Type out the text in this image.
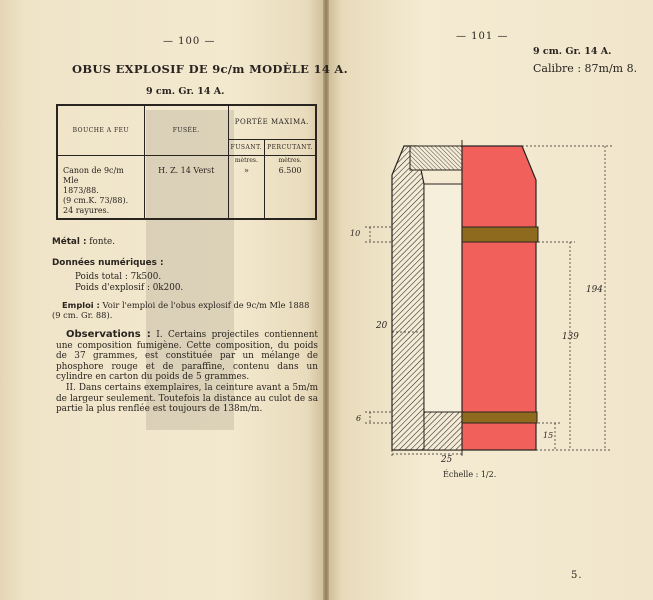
— 100 —
OBUS EXPLOSIF DE 9c/m MODÈLE 14 A.
9 cm. Gr. 14 A.
BOUCHE A FEU	FUSÉE.	PORTÉE MAXIMA.	
		FUSANT.	PERCUTANT.
		mètres.	mètres.

Canon de 9c/m Mle
1873/88.
(9 cm.K. 73/88).
24 rayures.	H. Z. 14 Verst	»	6.500
Métal : fonte.
Données numériques :
Poids total : 7k500.
Poids d'explosif : 0k200.
Emploi : Voir l'emploi de l'obus explosif de 9c/m Mle 1888 (9 cm. Gr. 88).
Observations : I. Certains projectiles contiennent une composition fumigène. Cette composition, du poids de 37 grammes, est constituée par un mélange de phosphore rouge et de paraffine, contenu dans un cylindre en carton du poids de 5 grammes.
II. Dans certains exemplaires, la ceinture avant a 5m/m de largeur seulement. Toutefois la distance au culot de sa partie la plus renflée est toujours de 138m/m.
— 101 —
9 cm. Gr. 14 A.
Calibre : 87m/m 8.
10
20
194
139
6
15
25
Échelle : 1/2.
5.
